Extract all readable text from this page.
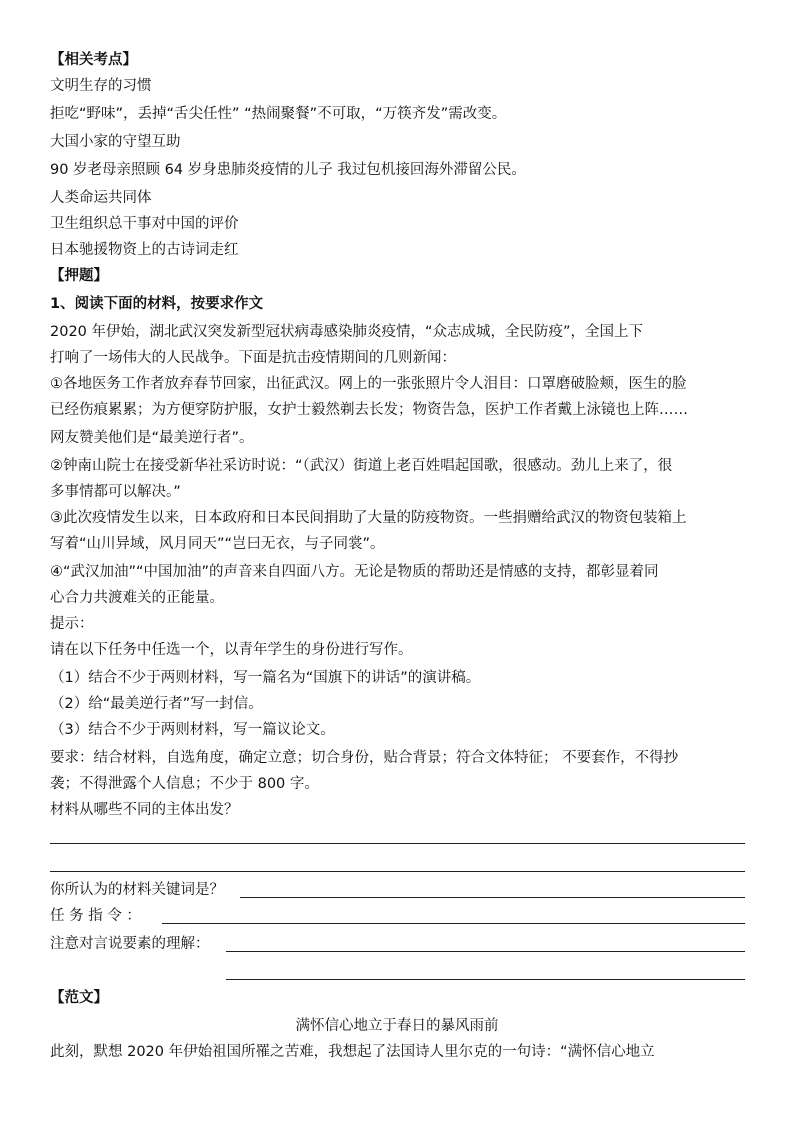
【相关考点】
文明生存的习惯
拒吃“野味”，丢掉“舌尖任性” “热闹聚餐”不可取，“万筷齐发”需改变。
大国小家的守望互助
90 岁老母亲照顾 64 岁身患肺炎疫情的儿子 我过包机接回海外滞留公民。
人类命运共同体
卫生组织总干事对中国的评价
日本驰援物资上的古诗词走红
【押题】
1、阅读下面的材料，按要求作文
2020 年伊始，湖北武汉突发新型冠状病毒感染肺炎疫情，“众志成城，全民防疫”，全国上下
打响了一场伟大的人民战争。下面是抗击疫情期间的几则新闻：
①各地医务工作者放弃春节回家，出征武汉。网上的一张张照片令人泪目：口罩磨破脸颊，医生的脸
已经伤痕累累；为方便穿防护服，女护士毅然剃去长发；物资告急，医护工作者戴上泳镜也上阵……
网友赞美他们是“最美逆行者”。
②钟南山院士在接受新华社采访时说：“（武汉）街道上老百姓唱起国歌，很感动。劲儿上来了，很
多事情都可以解决。”
③此次疫情发生以来，日本政府和日本民间捐助了大量的防疫物资。一些捐赠给武汉的物资包装箱上
写着“山川异域，风月同天”“岂曰无衣，与子同裳”。
④“武汉加油”“中国加油”的声音来自四面八方。无论是物质的帮助还是情感的支持，都彰显着同
心合力共渡难关的正能量。
提示：
请在以下任务中任选一个，以青年学生的身份进行写作。
（1）结合不少于两则材料，写一篇名为“国旗下的讲话”的演讲稿。
（2）给“最美逆行者”写一封信。
（3）结合不少于两则材料，写一篇议论文。
要求：结合材料，自选角度，确定立意；切合身份，贴合背景；符合文体特征； 不要套作，不得抄
袭；不得泄露个人信息；不少于 800 字。
材料从哪些不同的主体出发？
你所认为的材料关键词是？
任 务 指 令 ：
注意对言说要素的理解：
【范文】
满怀信心地立于春日的暴风雨前
此刻，默想 2020 年伊始祖国所罹之苦难，我想起了法国诗人里尔克的一句诗：“满怀信心地立
